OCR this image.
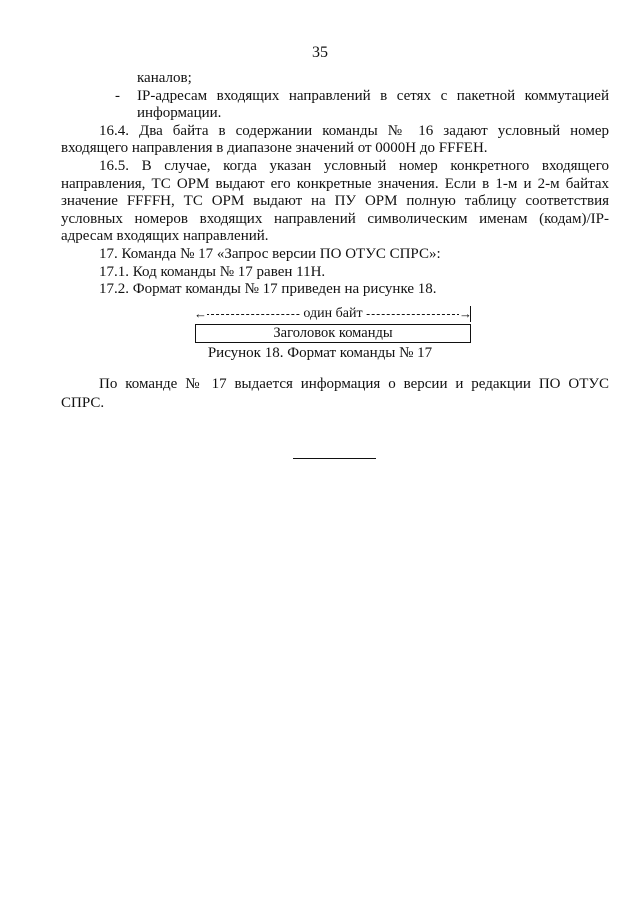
35
каналов;
- IP-адресам входящих направлений в сетях с пакетной коммутацией
информации.
16.4. Два байта в содержании команды № 16 задают условный номер
входящего направления в диапазоне значений от 0000H до FFFEH.
16.5. В случае, когда указан условный номер конкретного входящего
направления, ТС ОРМ выдают его конкретные значения. Если в 1-м и 2-м байтах
значение FFFFH, ТС ОРМ выдают на ПУ ОРМ полную таблицу соответствия
условных номеров входящих направлений символическим именам (кодам)/IP-
адресам входящих направлений.
17. Команда № 17 «Запрос версии ПО ОТУС СПРС»:
17.1. Код команды № 17 равен 11H.
17.2. Формат команды № 17 приведен на рисунке 18.
←	один байт	→
Заголовок команды
Рисунок 18. Формат команды № 17
По команде № 17 выдается информация о версии и редакции ПО ОТУС
СПРС.
